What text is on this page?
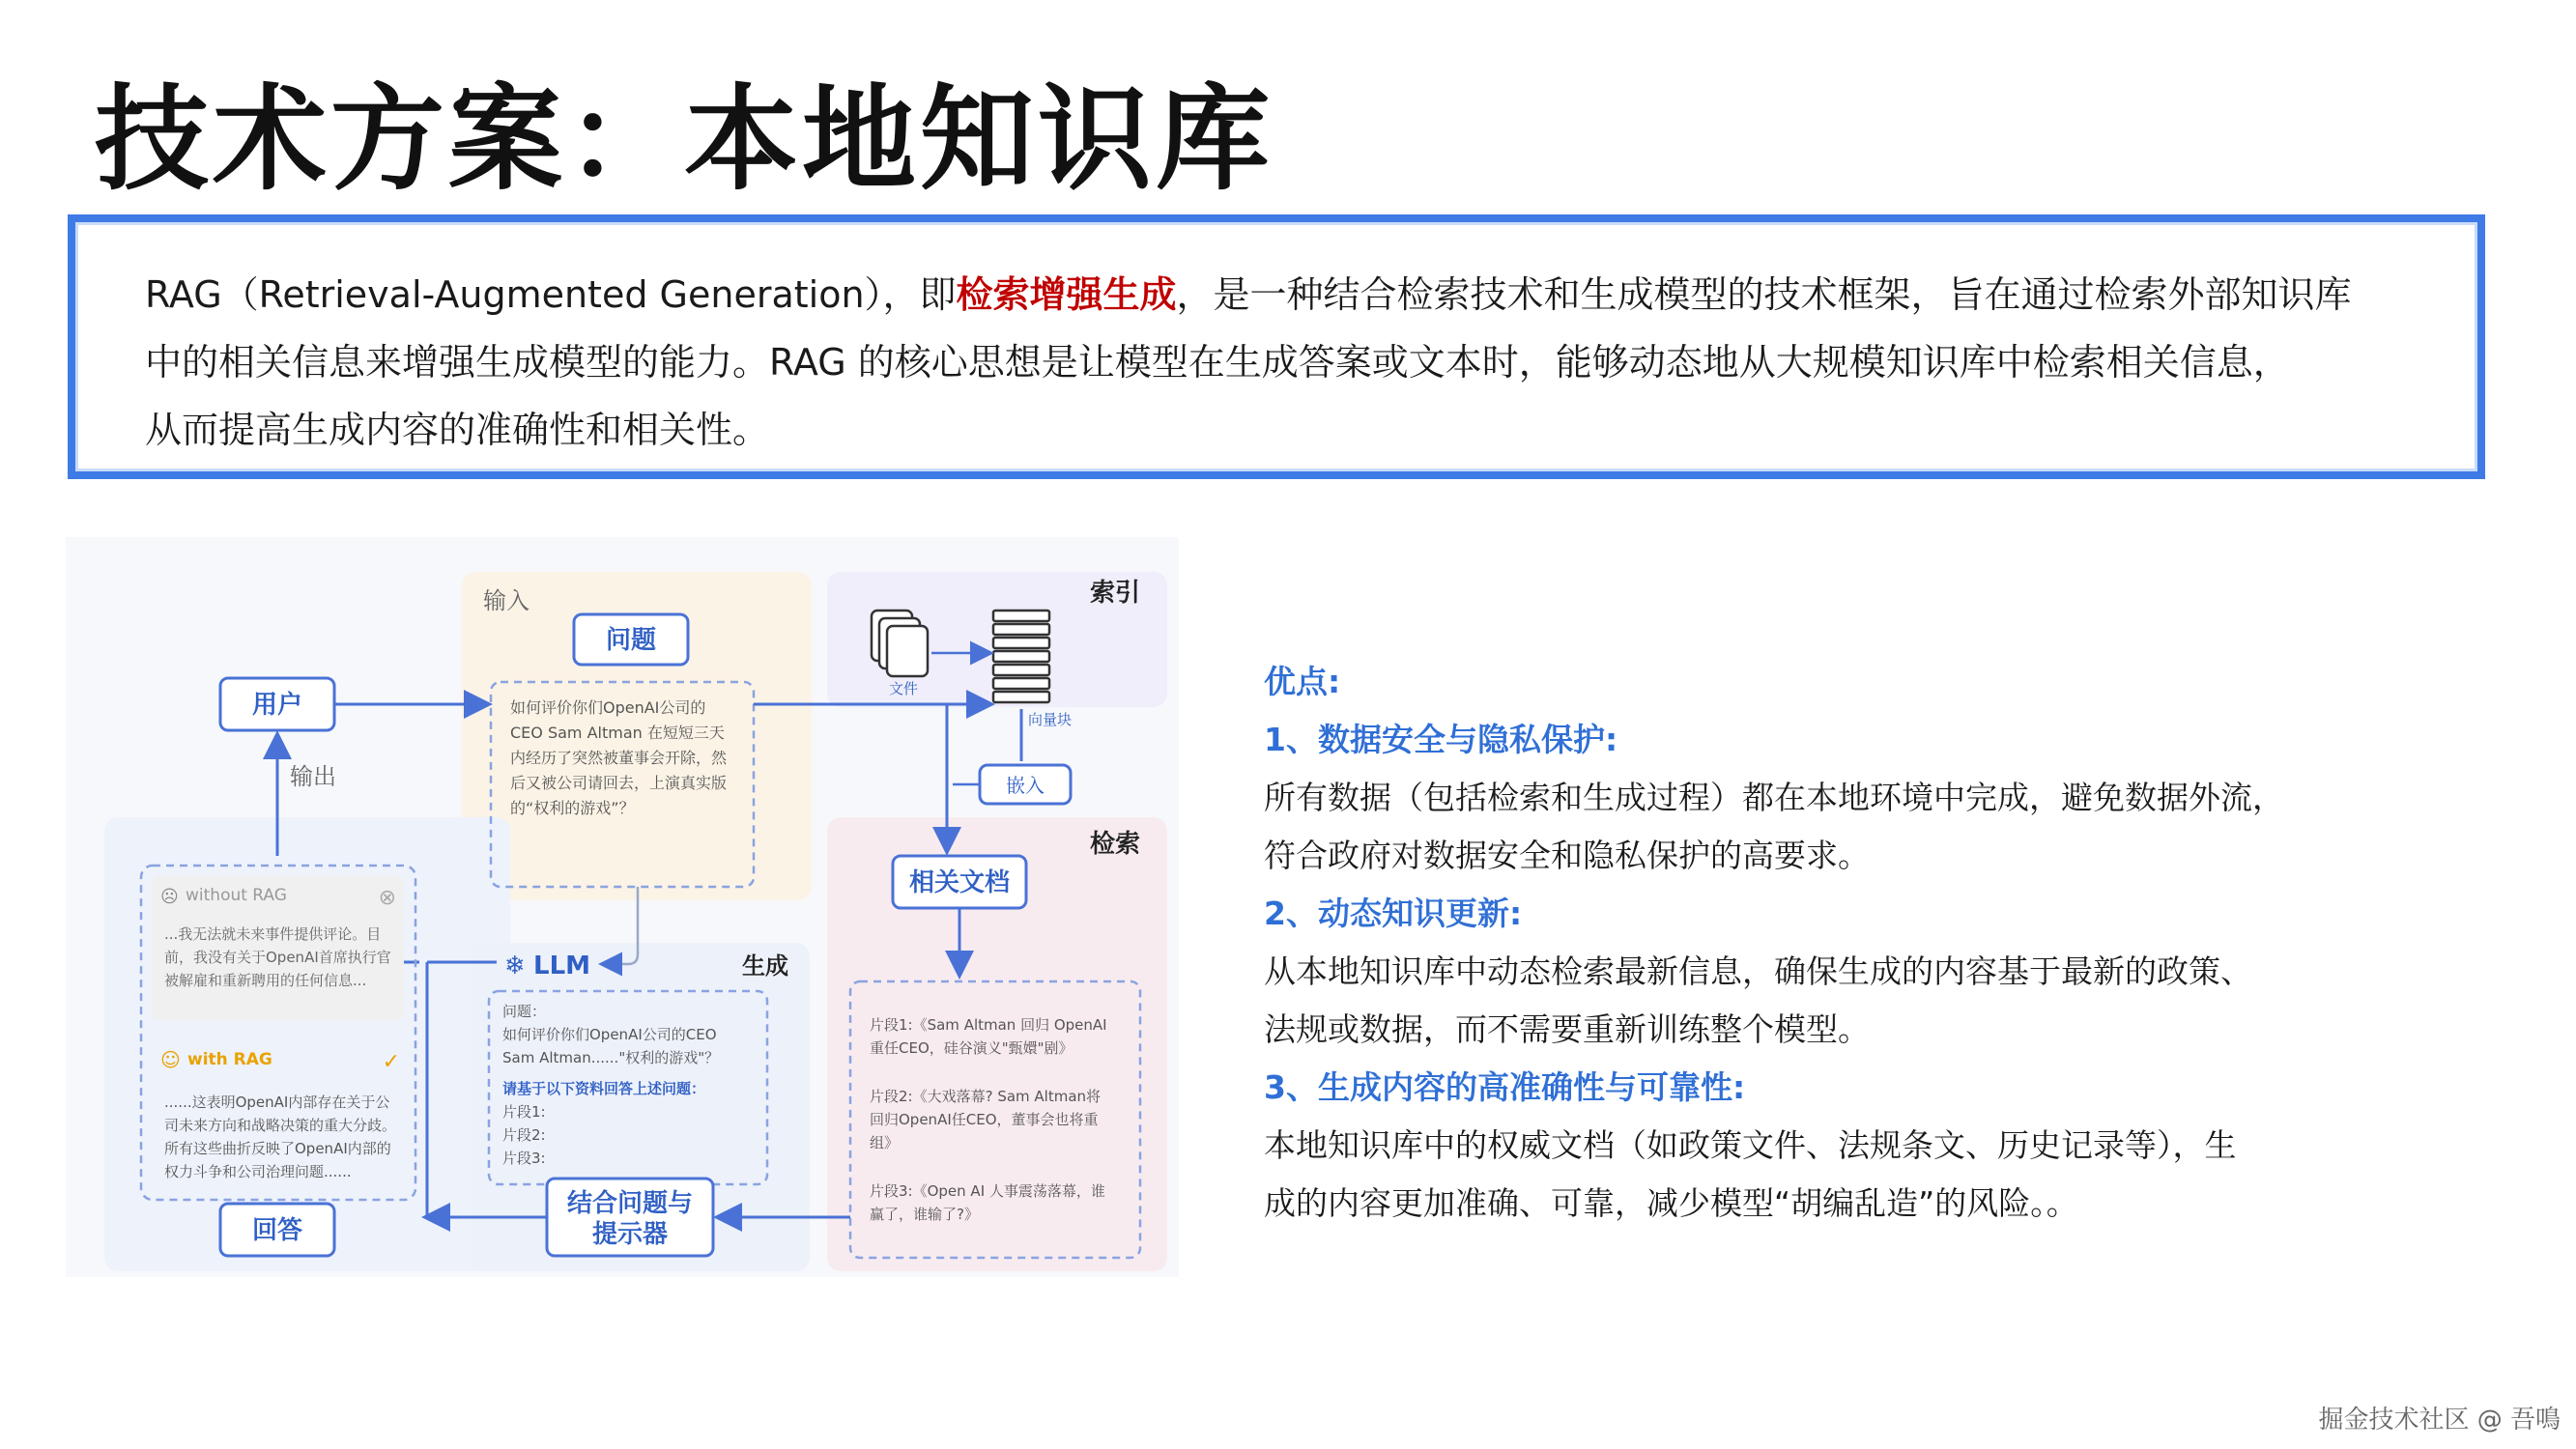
技术方案：本地知识库
RAG（Retrieval-Augmented Generation），即检索增强生成，是一种结合检索技术和生成模型的技术框架，旨在通过检索外部知识库
中的相关信息来增强生成模型的能力。RAG 的核心思想是让模型在生成答案或文本时，能够动态地从大规模知识库中检索相关信息，
从而提高生成内容的准确性和相关性。
输入
问题
如何评价你们OpenAI公司的
CEO Sam Altman 在短短三天
内经历了突然被董事会开除，然
后又被公司请回去，上演真实版
的“权利的游戏”？
用户
输出
索引
文件
向量块
嵌入
检索
相关文档
片段1:《Sam Altman 回归 OpenAI
重任CEO，硅谷演义"甄嬛"剧》
片段2:《大戏落幕? Sam Altman将
回归OpenAI任CEO，董事会也将重
组》
片段3:《Open AI 人事震荡落幕，谁
赢了，谁输了?》
❄ LLM	生成
问题：
如何评价你们OpenAI公司的CEO
Sam Altman......"权利的游戏"？
请基于以下资料回答上述问题：
片段1:
片段2:
片段3:
结合问题与
提示器
☹ without RAG	⊗
...我无法就未来事件提供评论。目
前，我没有关于OpenAI首席执行官
被解雇和重新聘用的任何信息...
☺ with RAG	✓
......这表明OpenAI内部存在关于公
司未来方向和战略决策的重大分歧。
所有这些曲折反映了OpenAI内部的
权力斗争和公司治理问题......
回答
优点:
1、数据安全与隐私保护:
所有数据（包括检索和生成过程）都在本地环境中完成，避免数据外流，
符合政府对数据安全和隐私保护的高要求。
2、动态知识更新:
从本地知识库中动态检索最新信息，确保生成的内容基于最新的政策、
法规或数据，而不需要重新训练整个模型。
3、生成内容的高准确性与可靠性:
本地知识库中的权威文档（如政策文件、法规条文、历史记录等），生
成的内容更加准确、可靠，减少模型“胡编乱造”的风险。。
掘金技术社区 @ 吾鳴
